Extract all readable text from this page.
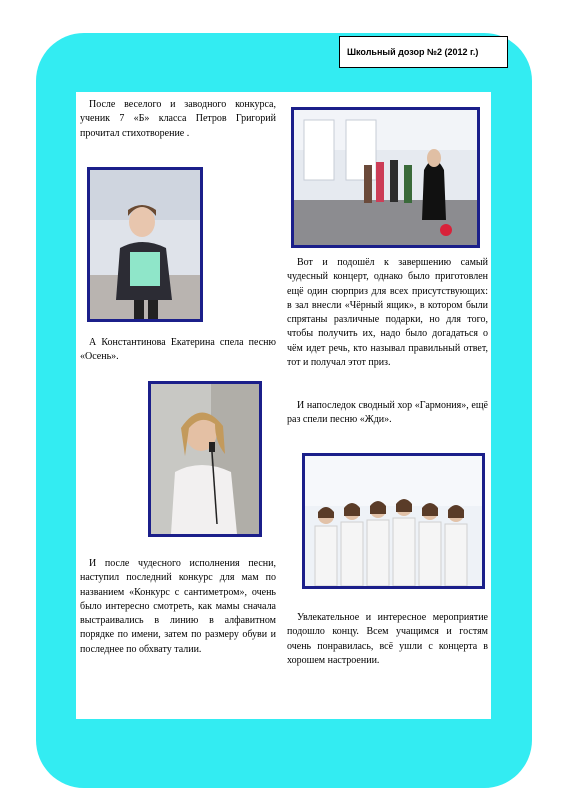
Школьный дозор №2 (2012 г.)
После веселого и заводного конкурса, ученик 7 «Б» класса Петров Григорий прочитал стихотворение .
А Константинова Екатерина спела песню «Осень».
И после чудесного исполнения песни, наступил последний конкурс для мам по названием «Конкурс с сантиметром», очень было интересно смотреть, как мамы сначала выстраивались в линию в алфавитном порядке по имени, затем по размеру обуви и последнее по обхвату талии.
Вот и подошёл к завершению самый чудесный концерт, однако было приготовлен ещё один сюрприз для всех присутствующих: в зал внесли «Чёрный ящик», в котором были спрятаны различные подарки, но для того, чтобы получить их, надо было догадаться о чём идет речь, кто называл правильный ответ, тот и получал этот приз.
И напоследок сводный хор «Гармония», ещё раз спели песню «Жди».
Увлекательное и интересное мероприятие подошло концу. Всем учащимся и гостям очень понравилась, всё ушли с концерта в хорошем настроении.
